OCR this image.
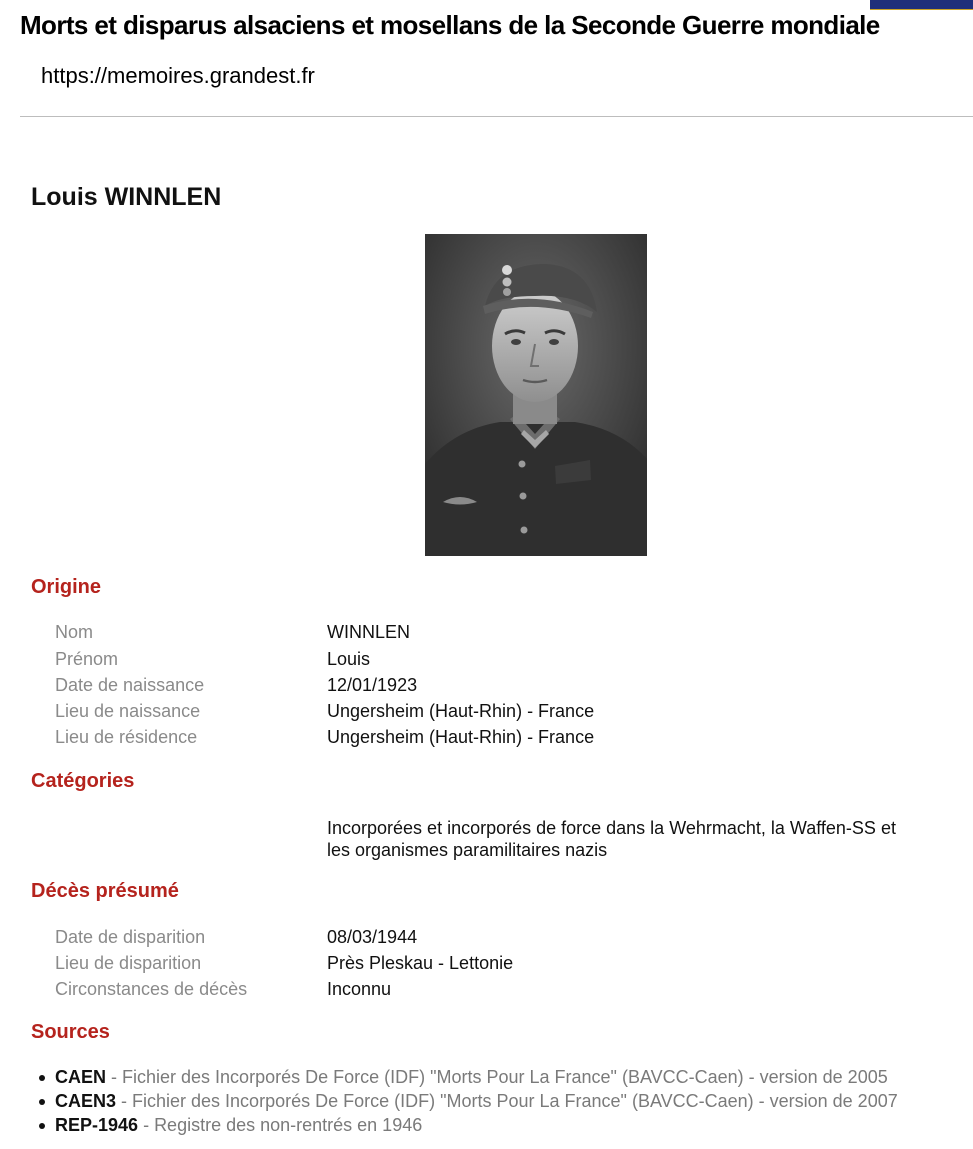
Morts et disparus alsaciens et mosellans de la Seconde Guerre mondiale
https://memoires.grandest.fr
Louis WINNLEN
Origine
Nom	WINNLEN
Prénom	Louis
Date de naissance	12/01/1923
Lieu de naissance	Ungersheim (Haut-Rhin) - France
Lieu de résidence	Ungersheim (Haut-Rhin) - France
Catégories
Incorporées et incorporés de force dans la Wehrmacht, la Waffen-SS et les organismes paramilitaires nazis
Décès présumé
Date de disparition	08/03/1944
Lieu de disparition	Près Pleskau - Lettonie
Circonstances de décès	Inconnu
Sources
CAEN - Fichier des Incorporés De Force (IDF) "Morts Pour La France" (BAVCC-Caen) - version de 2005
CAEN3 - Fichier des Incorporés De Force (IDF) "Morts Pour La France" (BAVCC-Caen) - version de 2007
REP-1946 - Registre des non-rentrés en 1946
